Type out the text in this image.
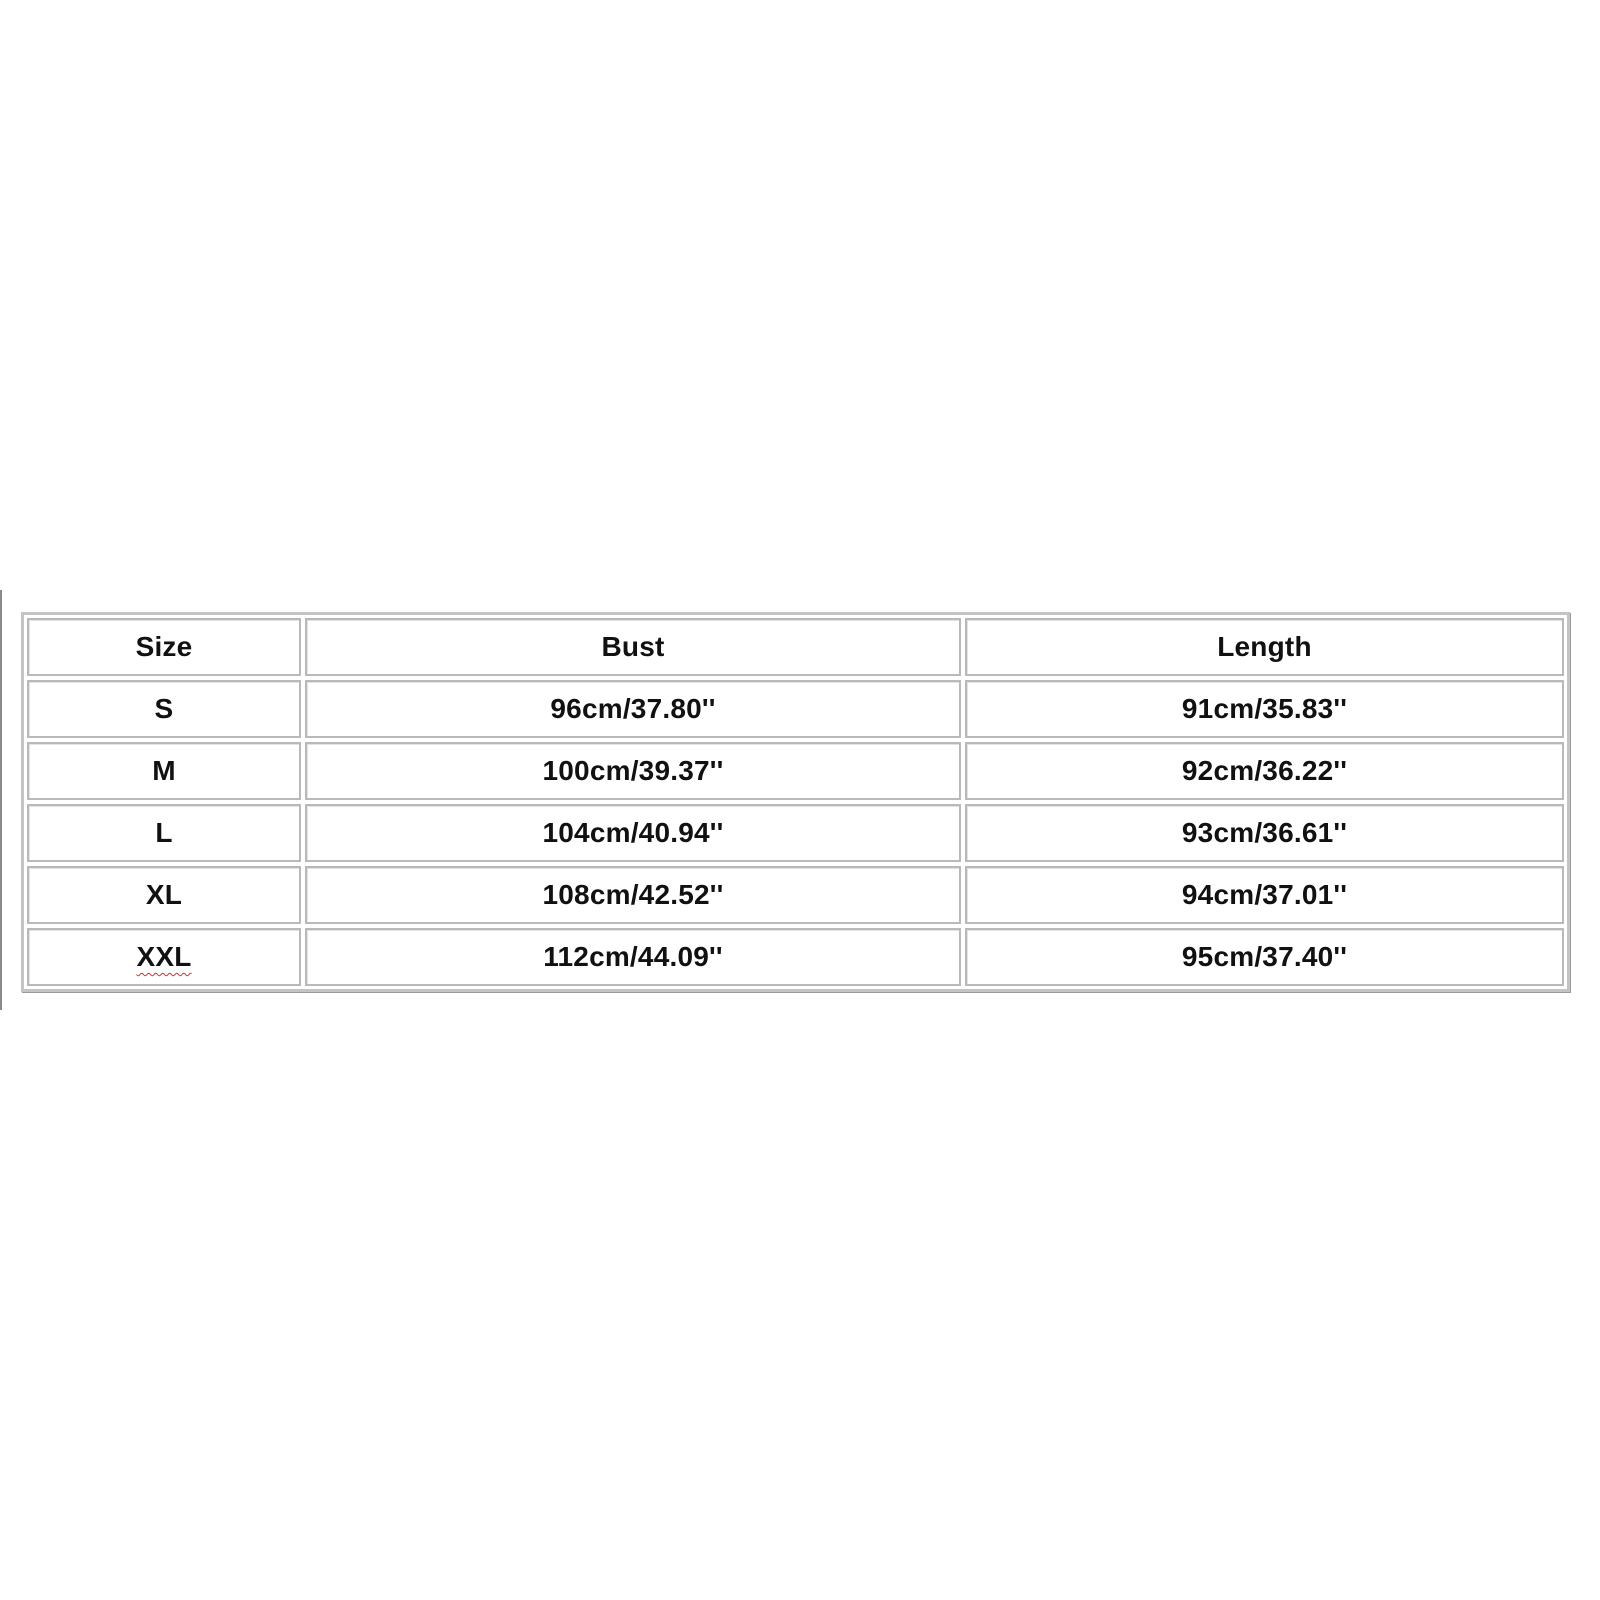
Size	Bust	Length
S	96cm/37.80''	91cm/35.83''
M	100cm/39.37''	92cm/36.22''
L	104cm/40.94''	93cm/36.61''
XL	108cm/42.52''	94cm/37.01''
XXL	112cm/44.09''	95cm/37.40''
